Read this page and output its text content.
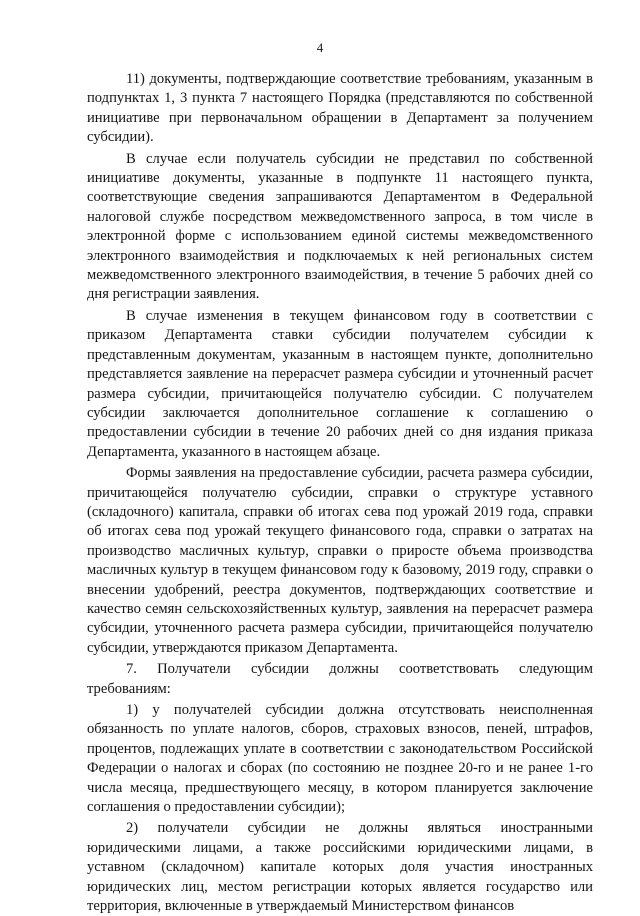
4

11) документы, подтверждающие соответствие требованиям, указанным в подпунктах 1, 3 пункта 7 настоящего Порядка (представляются по собственной инициативе при первоначальном обращении в Департамент за получением субсидии).

В случае если получатель субсидии не представил по собственной инициативе документы, указанные в подпункте 11 настоящего пункта, соответствующие сведения запрашиваются Департаментом в Федеральной налоговой службе посредством межведомственного запроса, в том числе в электронной форме с использованием единой системы межведомственного электронного взаимодействия и подключаемых к ней региональных систем межведомственного электронного взаимодействия, в течение 5 рабочих дней со дня регистрации заявления.

В случае изменения в текущем финансовом году в соответствии с приказом Департамента ставки субсидии получателем субсидии к представленным документам, указанным в настоящем пункте, дополнительно представляется заявление на перерасчет размера субсидии и уточненный расчет размера субсидии, причитающейся получателю субсидии. С получателем субсидии заключается дополнительное соглашение к соглашению о предоставлении субсидии в течение 20 рабочих дней со дня издания приказа Департамента, указанного в настоящем абзаце.

Формы заявления на предоставление субсидии, расчета размера субсидии, причитающейся получателю субсидии, справки о структуре уставного (складочного) капитала, справки об итогах сева под урожай 2019 года, справки об итогах сева под урожай текущего финансового года, справки о затратах на производство масличных культур, справки о приросте объема производства масличных культур в текущем финансовом году к базовому, 2019 году, справки о внесении удобрений, реестра документов, подтверждающих соответствие и качество семян сельскохозяйственных культур, заявления на перерасчет размера субсидии, уточненного расчета размера субсидии, причитающейся получателю субсидии, утверждаются приказом Департамента.

7. Получатели субсидии должны соответствовать следующим требованиям:

1) у получателей субсидии должна отсутствовать неисполненная обязанность по уплате налогов, сборов, страховых взносов, пеней, штрафов, процентов, подлежащих уплате в соответствии с законодательством Российской Федерации о налогах и сборах (по состоянию не позднее 20-го и не ранее 1-го числа месяца, предшествующего месяцу, в котором планируется заключение соглашения о предоставлении субсидии);

2) получатели субсидии не должны являться иностранными юридическими лицами, а также российскими юридическими лицами, в уставном (складочном) капитале которых доля участия иностранных юридических лиц, местом регистрации которых является государство или территория, включенные в утверждаемый Министерством финансов
